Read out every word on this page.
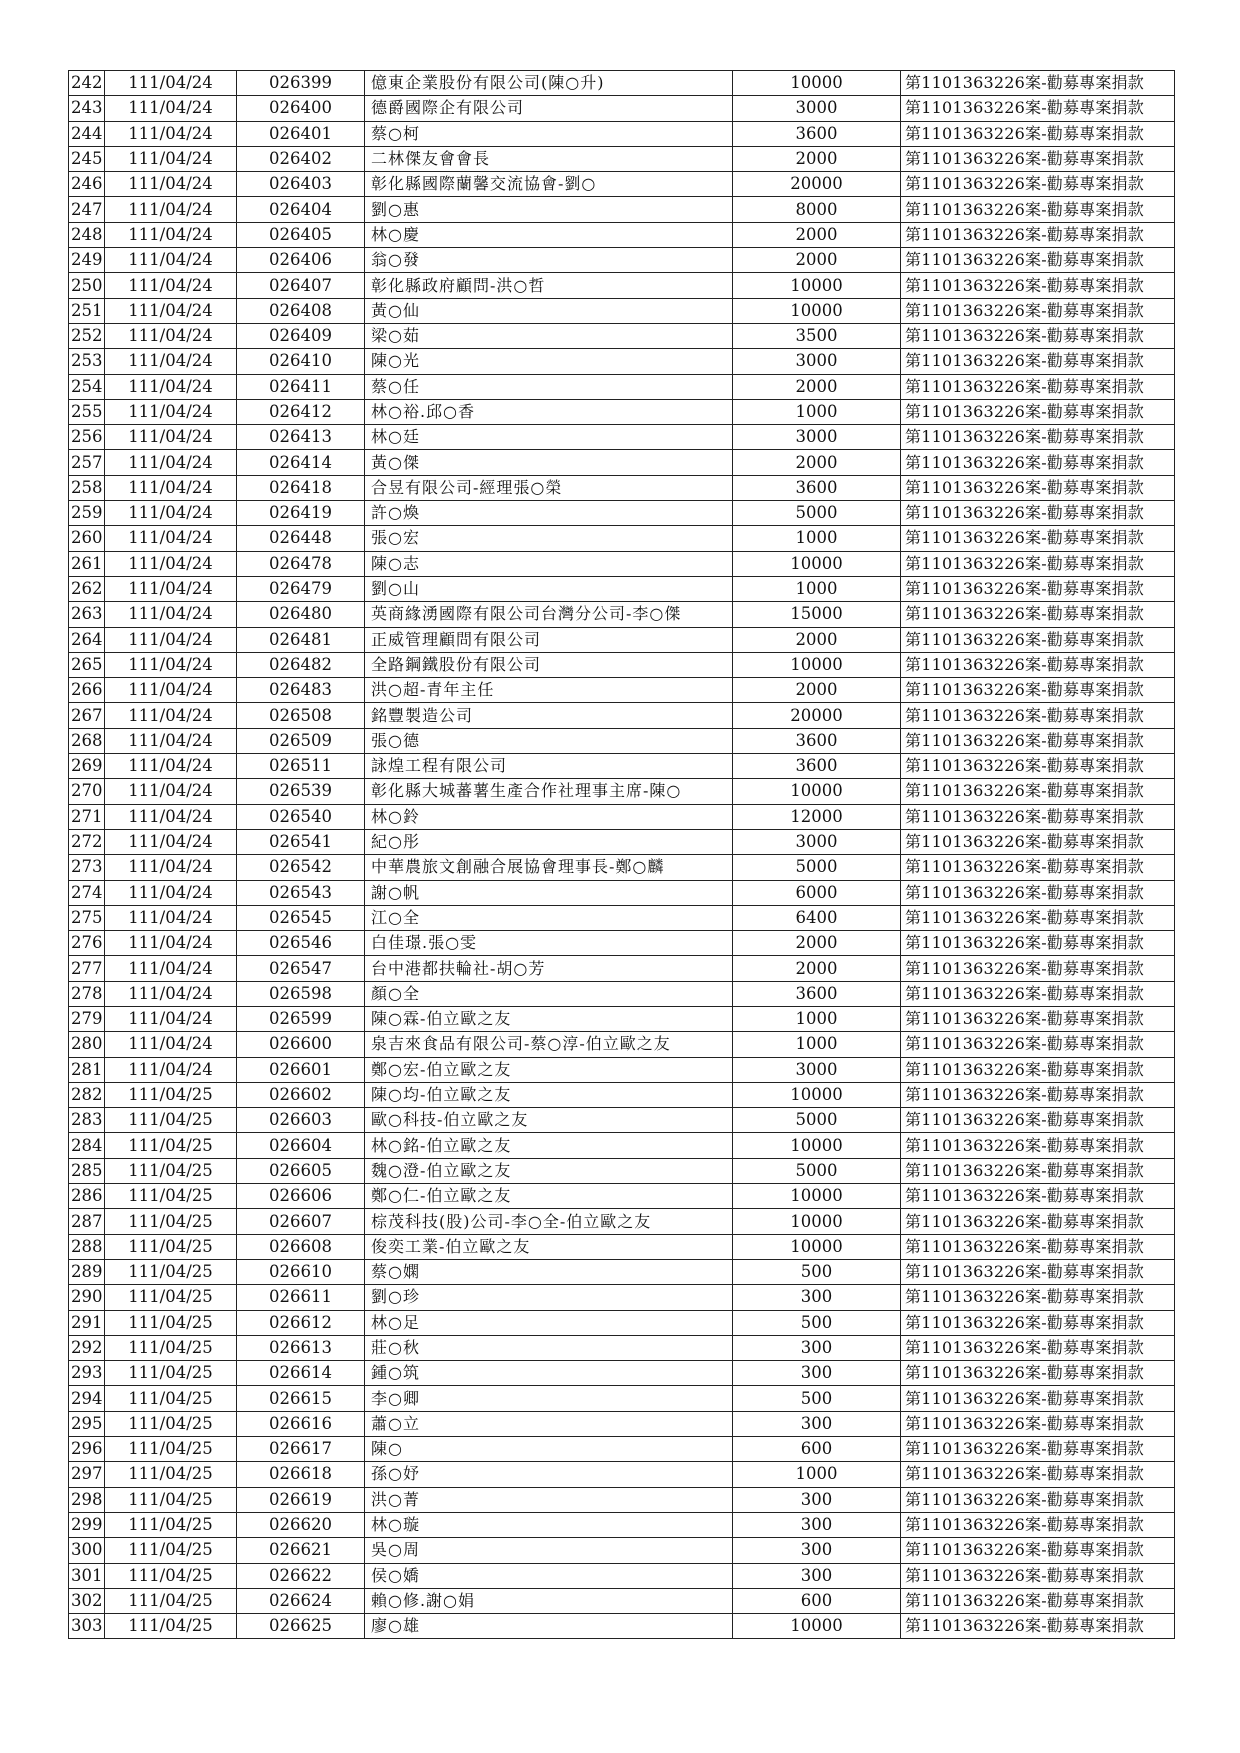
242	111/04/24	026399	億東企業股份有限公司(陳○升)	10000	第1101363226案-勸募專案捐款
243	111/04/24	026400	德爵國際企有限公司	3000	第1101363226案-勸募專案捐款
244	111/04/24	026401	蔡○柯	3600	第1101363226案-勸募專案捐款
245	111/04/24	026402	二林傑友會會長	2000	第1101363226案-勸募專案捐款
246	111/04/24	026403	彰化縣國際蘭馨交流協會-劉○	20000	第1101363226案-勸募專案捐款
247	111/04/24	026404	劉○惠	8000	第1101363226案-勸募專案捐款
248	111/04/24	026405	林○慶	2000	第1101363226案-勸募專案捐款
249	111/04/24	026406	翁○發	2000	第1101363226案-勸募專案捐款
250	111/04/24	026407	彰化縣政府顧問-洪○哲	10000	第1101363226案-勸募專案捐款
251	111/04/24	026408	黃○仙	10000	第1101363226案-勸募專案捐款
252	111/04/24	026409	梁○茹	3500	第1101363226案-勸募專案捐款
253	111/04/24	026410	陳○光	3000	第1101363226案-勸募專案捐款
254	111/04/24	026411	蔡○任	2000	第1101363226案-勸募專案捐款
255	111/04/24	026412	林○裕.邱○香	1000	第1101363226案-勸募專案捐款
256	111/04/24	026413	林○廷	3000	第1101363226案-勸募專案捐款
257	111/04/24	026414	黃○傑	2000	第1101363226案-勸募專案捐款
258	111/04/24	026418	合昱有限公司-經理張○榮	3600	第1101363226案-勸募專案捐款
259	111/04/24	026419	許○煥	5000	第1101363226案-勸募專案捐款
260	111/04/24	026448	張○宏	1000	第1101363226案-勸募專案捐款
261	111/04/24	026478	陳○志	10000	第1101363226案-勸募專案捐款
262	111/04/24	026479	劉○山	1000	第1101363226案-勸募專案捐款
263	111/04/24	026480	英商緣湧國際有限公司台灣分公司-李○傑	15000	第1101363226案-勸募專案捐款
264	111/04/24	026481	正威管理顧問有限公司	2000	第1101363226案-勸募專案捐款
265	111/04/24	026482	全路鋼鐵股份有限公司	10000	第1101363226案-勸募專案捐款
266	111/04/24	026483	洪○超-青年主任	2000	第1101363226案-勸募專案捐款
267	111/04/24	026508	銘豐製造公司	20000	第1101363226案-勸募專案捐款
268	111/04/24	026509	張○德	3600	第1101363226案-勸募專案捐款
269	111/04/24	026511	詠煌工程有限公司	3600	第1101363226案-勸募專案捐款
270	111/04/24	026539	彰化縣大城蕃薯生產合作社理事主席-陳○	10000	第1101363226案-勸募專案捐款
271	111/04/24	026540	林○鈴	12000	第1101363226案-勸募專案捐款
272	111/04/24	026541	紀○彤	3000	第1101363226案-勸募專案捐款
273	111/04/24	026542	中華農旅文創融合展協會理事長-鄭○麟	5000	第1101363226案-勸募專案捐款
274	111/04/24	026543	謝○帆	6000	第1101363226案-勸募專案捐款
275	111/04/24	026545	江○全	6400	第1101363226案-勸募專案捐款
276	111/04/24	026546	白佳璟.張○雯	2000	第1101363226案-勸募專案捐款
277	111/04/24	026547	台中港都扶輪社-胡○芳	2000	第1101363226案-勸募專案捐款
278	111/04/24	026598	顏○全	3600	第1101363226案-勸募專案捐款
279	111/04/24	026599	陳○霖-伯立歐之友	1000	第1101363226案-勸募專案捐款
280	111/04/24	026600	泉吉來食品有限公司-蔡○淳-伯立歐之友	1000	第1101363226案-勸募專案捐款
281	111/04/24	026601	鄭○宏-伯立歐之友	3000	第1101363226案-勸募專案捐款
282	111/04/25	026602	陳○均-伯立歐之友	10000	第1101363226案-勸募專案捐款
283	111/04/25	026603	歐○科技-伯立歐之友	5000	第1101363226案-勸募專案捐款
284	111/04/25	026604	林○銘-伯立歐之友	10000	第1101363226案-勸募專案捐款
285	111/04/25	026605	魏○澄-伯立歐之友	5000	第1101363226案-勸募專案捐款
286	111/04/25	026606	鄭○仁-伯立歐之友	10000	第1101363226案-勸募專案捐款
287	111/04/25	026607	棕茂科技(股)公司-李○全-伯立歐之友	10000	第1101363226案-勸募專案捐款
288	111/04/25	026608	俊奕工業-伯立歐之友	10000	第1101363226案-勸募專案捐款
289	111/04/25	026610	蔡○嫻	500	第1101363226案-勸募專案捐款
290	111/04/25	026611	劉○珍	300	第1101363226案-勸募專案捐款
291	111/04/25	026612	林○足	500	第1101363226案-勸募專案捐款
292	111/04/25	026613	莊○秋	300	第1101363226案-勸募專案捐款
293	111/04/25	026614	鍾○筑	300	第1101363226案-勸募專案捐款
294	111/04/25	026615	李○卿	500	第1101363226案-勸募專案捐款
295	111/04/25	026616	蕭○立	300	第1101363226案-勸募專案捐款
296	111/04/25	026617	陳○	600	第1101363226案-勸募專案捐款
297	111/04/25	026618	孫○妤	1000	第1101363226案-勸募專案捐款
298	111/04/25	026619	洪○菁	300	第1101363226案-勸募專案捐款
299	111/04/25	026620	林○璇	300	第1101363226案-勸募專案捐款
300	111/04/25	026621	吳○周	300	第1101363226案-勸募專案捐款
301	111/04/25	026622	侯○嬌	300	第1101363226案-勸募專案捐款
302	111/04/25	026624	賴○修.謝○娟	600	第1101363226案-勸募專案捐款
303	111/04/25	026625	廖○雄	10000	第1101363226案-勸募專案捐款
